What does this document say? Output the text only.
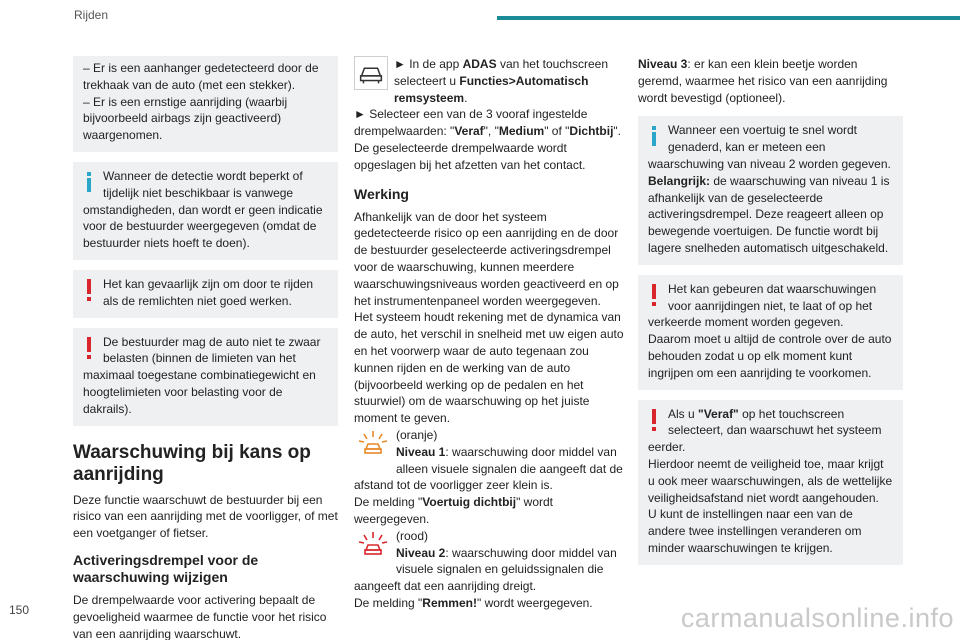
Rijden

– Er is een aanhanger gedetecteerd door de trekhaak van de auto (met een stekker).

– Er is een ernstige aanrijding (waarbij bijvoorbeeld airbags zijn geactiveerd) waargenomen.

Wanneer de detectie wordt beperkt of tijdelijk niet beschikbaar is vanwege omstandigheden, dan wordt er geen indicatie voor de bestuurder weergegeven (omdat de bestuurder niets hoeft te doen).
Het kan gevaarlijk zijn om door te rijden als de remlichten niet goed werken.
De bestuurder mag de auto niet te zwaar belasten (binnen de limieten van het maximaal toegestane combinatiegewicht en hoogtelimieten voor belasting voor de dakrails).
Waarschuwing bij kans op aanrijding

Deze functie waarschuwt de bestuurder bij een risico van een aanrijding met de voorligger, of met een voetganger of fietser.

Activeringsdrempel voor de waarschuwing wijzigen

De drempelwaarde voor activering bepaalt de gevoeligheid waarmee de functie voor het risico van een aanrijding waarschuwt.

► In de app ADAS van het touchscreen selecteert u Functies>Automatisch remsysteem.

► Selecteer een van de 3 vooraf ingestelde drempelwaarden: "Veraf", "Medium" of "Dichtbij".

De geselecteerde drempelwaarde wordt opgeslagen bij het afzetten van het contact.

Werking

Afhankelijk van de door het systeem gedetecteerde risico op een aanrijding en de door de bestuurder geselecteerde activeringsdrempel voor de waarschuwing, kunnen meerdere waarschuwingsniveaus worden geactiveerd en op het instrumentenpaneel worden weergegeven.

Het systeem houdt rekening met de dynamica van de auto, het verschil in snelheid met uw eigen auto en het voorwerp waar de auto tegenaan zou kunnen rijden en de werking van de auto (bijvoorbeeld werking op de pedalen en het stuurwiel) om de waarschuwing op het juiste moment te geven.

(oranje)
Niveau 1: waarschuwing door middel van alleen visuele signalen die aangeeft dat de afstand tot de voorligger zeer klein is.
De melding "Voertuig dichtbij" wordt weergegeven.
(rood)
Niveau 2: waarschuwing door middel van visuele signalen en geluidssignalen die aangeeft dat een aanrijding dreigt.
De melding "Remmen!" wordt weergegeven.

Niveau 3: er kan een klein beetje worden geremd, waarmee het risico van een aanrijding wordt bevestigd (optioneel).

Wanneer een voertuig te snel wordt genaderd, kan er meteen een waarschuwing van niveau 2 worden gegeven.
Belangrijk: de waarschuwing van niveau 1 is afhankelijk van de geselecteerde activeringsdrempel. Deze reageert alleen op bewegende voertuigen. De functie wordt bij lagere snelheden automatisch uitgeschakeld.
Het kan gebeuren dat waarschuwingen voor aanrijdingen niet, te laat of op het verkeerde moment worden gegeven.
Daarom moet u altijd de controle over de auto behouden zodat u op elk moment kunt ingrijpen om een aanrijding te voorkomen.
Als u "Veraf" op het touchscreen selecteert, dan waarschuwt het systeem eerder.
Hierdoor neemt de veiligheid toe, maar krijgt u ook meer waarschuwingen, als de wettelijke veiligheidsafstand niet wordt aangehouden.
U kunt de instellingen naar een van de andere twee instellingen veranderen om minder waarschuwingen te krijgen.
150	carmanualsonline.info
